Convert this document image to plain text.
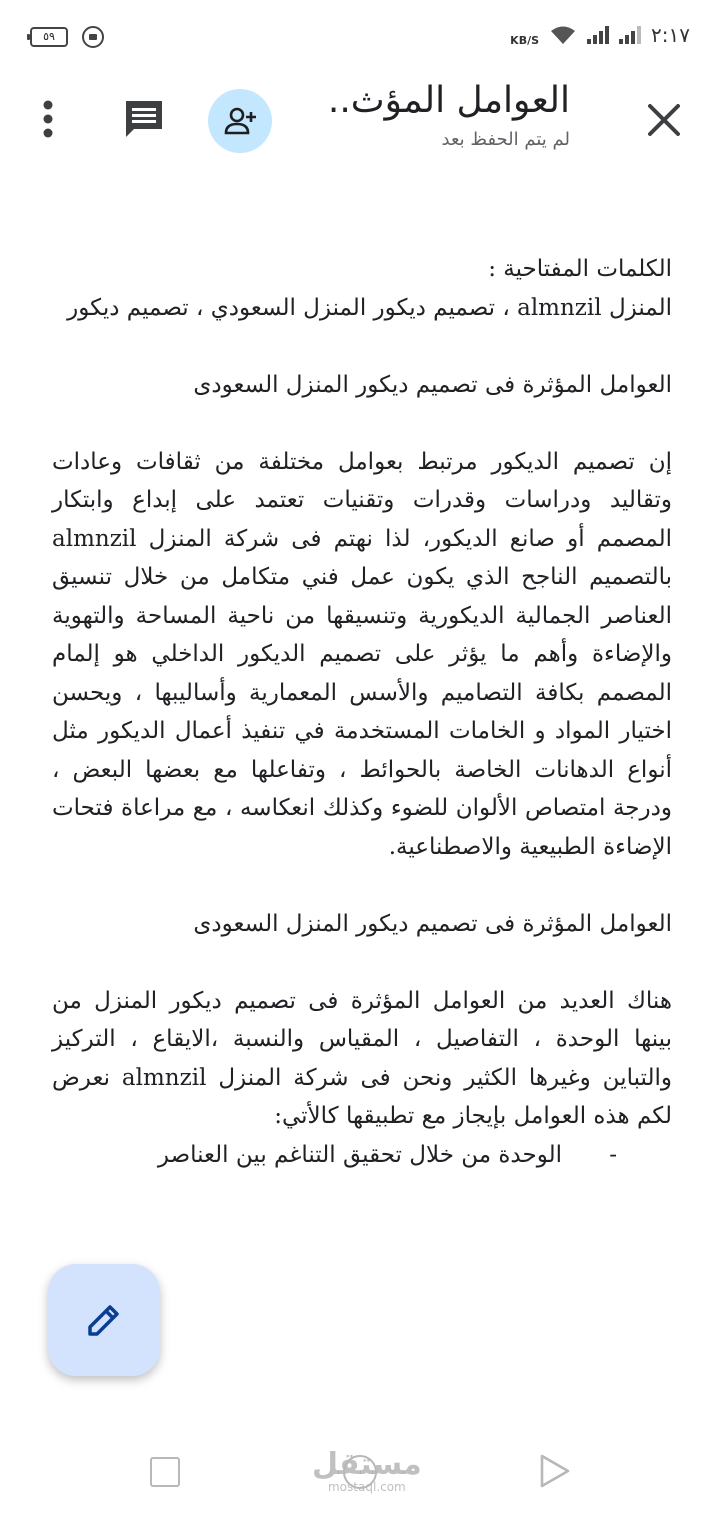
٥٩	KB/S	٢:١٧
العوامل المؤث..
لم يتم الحفظ بعد

الكلمات المفتاحية :

المنزل almnzil ، تصميم ديكور المنزل السعودي ، تصميم ديكور

العوامل المؤثرة فى تصميم ديكور المنزل السعودى

إن تصميم الديكور مرتبط بعوامل مختلفة من ثقافات وعادات وتقاليد ودراسات وقدرات وتقنيات تعتمد على إبداع وابتكار المصمم أو صانع الديكور، لذا نهتم فى شركة المنزل almnzil بالتصميم الناجح الذي يكون عمل فني متكامل من خلال تنسيق العناصر الجمالية الديكورية وتنسيقها من ناحية المساحة والتهوية والإضاءة وأهم ما يؤثر على تصميم الديكور الداخلي هو إلمام المصمم بكافة التصاميم والأسس المعمارية وأساليبها ، ويحسن اختيار المواد و الخامات المستخدمة في تنفيذ أعمال الديكور مثل أنواع الدهانات الخاصة بالحوائط ، وتفاعلها مع بعضها البعض ، ودرجة امتصاص الألوان للضوء وكذلك انعكاسه ، مع مراعاة فتحات الإضاءة الطبيعية والاصطناعية.

العوامل المؤثرة فى تصميم ديكور المنزل السعودى

هناك العديد من العوامل المؤثرة فى تصميم ديكور المنزل من بينها الوحدة ، التفاصيل ، المقياس والنسبة ،الايقاع ، التركيز والتباين وغيرها الكثير ونحن فى شركة المنزل almnzil نعرض لكم هذه العوامل بإيجاز مع تطبيقها كالأتي:

-
الوحدة من خلال تحقيق التناغم بين العناصر

مستقل
mostaql.com
